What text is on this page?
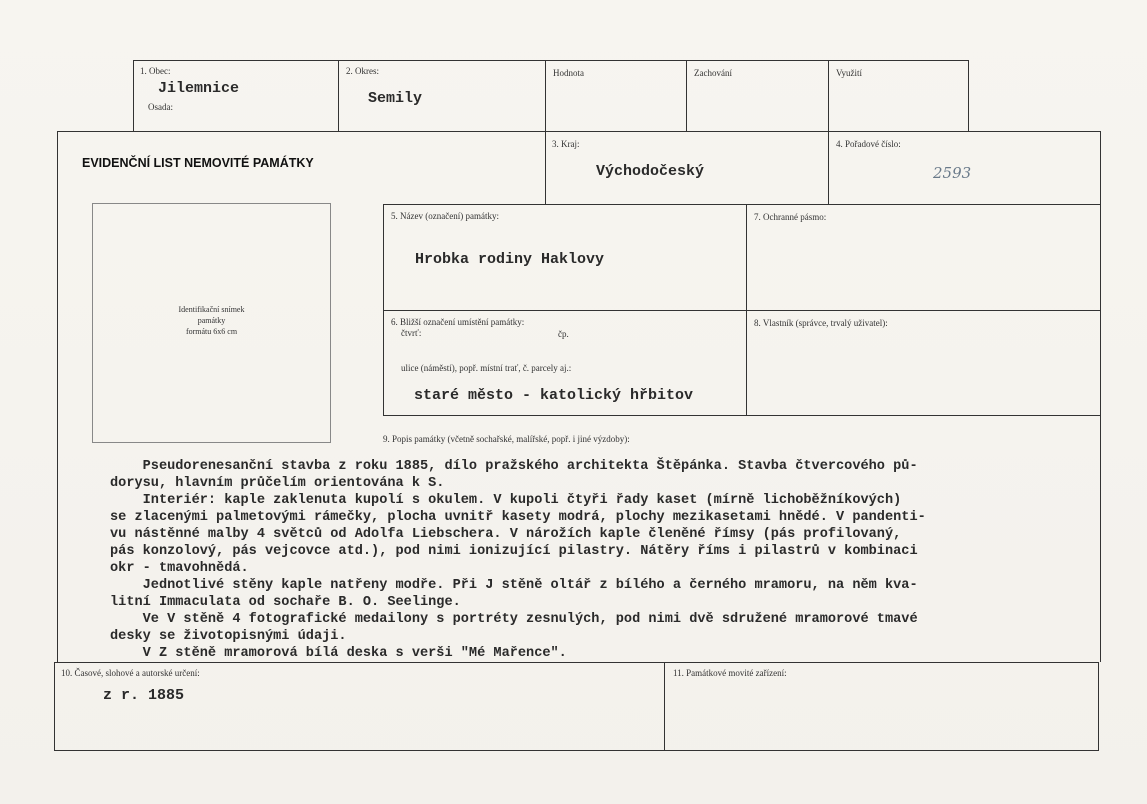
1. Obec:
Jilemnice
Osada:
2. Okres:
Semily
Hodnota	Zachování	Využití
EVIDENČNÍ LIST NEMOVITÉ PAMÁTKY
3. Kraj:
Východočeský
4. Pořadové číslo:
2593
Identifikační snímek
památky
formátu 6x6 cm
5. Název (označení) památky:
Hrobka rodiny Haklovy
7. Ochranné pásmo:
6. Bližší označení umístění památky:
čtvrť:	čp.
ulice (náměstí), popř. místní trať, č. parcely aj.:
staré město - katolický hřbitov
8. Vlastník (správce, trvalý uživatel):
9. Popis památky (včetně sochařské, malířské, popř. i jiné výzdoby):

Pseudorenesanční stavba z roku 1885, dílo pražského architekta Štěpánka. Stavba čtvercového pů-

dorysu, hlavním průčelím orientována k S.

Interiér: kaple zaklenuta kupolí s okulem. V kupoli čtyři řady kaset (mírně lichoběžníkových)

se zlacenými palmetovými rámečky, plocha uvnitř kasety modrá, plochy mezikasetami hnědé. V pandenti-

vu nástěnné malby 4 světců od Adolfa Liebschera. V nárožích kaple členěné římsy (pás profilovaný,

pás konzolový, pás vejcovce atd.), pod nimi ionizující pilastry. Nátěry říms i pilastrů v kombinaci

okr - tmavohnědá.

Jednotlivé stěny kaple natřeny modře. Při J stěně oltář z bílého a černého mramoru, na něm kva-

litní Immaculata od sochaře B. O. Seelinge.

Ve V stěně 4 fotografické medailony s portréty zesnulých, pod nimi dvě sdružené mramorové tmavé

desky se životopisnými údaji.

V Z stěně mramorová bílá deska s verši "Mé Mařence".

10. Časové, slohové a autorské určení:
z r. 1885
11. Památkové movité zařízení:
